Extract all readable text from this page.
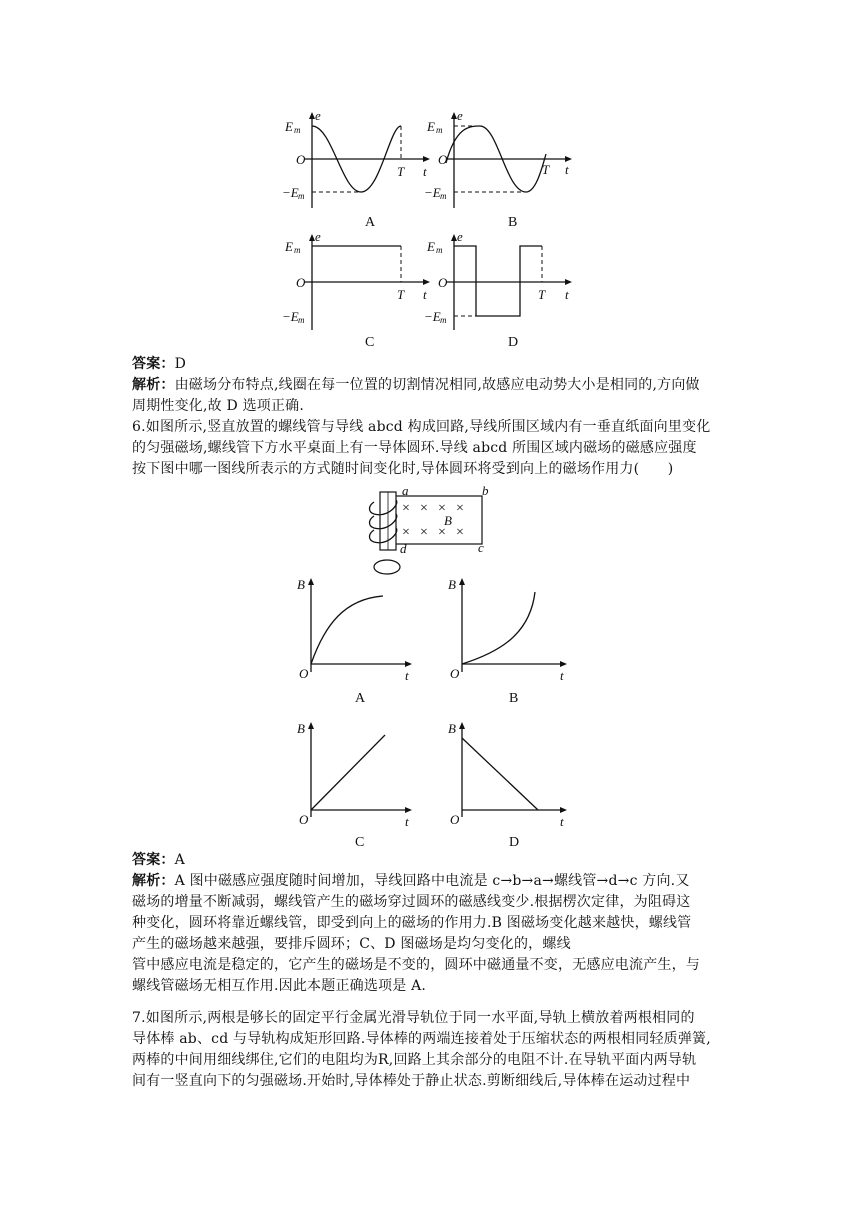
e
E m
O
−E m
T t
A
e
E m
O
−E m
T t
B
e
E m
O
−E m
T t
C
e
E m
O
−E m
T t
D
答案：D
解析：由磁场分布特点,线圈在每一位置的切割情况相同,故感应电动势大小是相同的,方向做
周期性变化,故 D 选项正确.
6.如图所示,竖直放置的螺线管与导线 abcd 构成回路,导线所围区域内有一垂直纸面向里变化
的匀强磁场,螺线管下方水平桌面上有一导体圆环.导线 abcd 所围区域内磁场的磁感应强度
按下图中哪一图线所表示的方式随时间变化时,导体圆环将受到向上的磁场作用力(　　)
× × × ×
× × × ×
B
a	b
c
d
B
O	t
A
B
O	t
B
B
O	t
C
B
O	t
D
答案：A
解析：A 图中磁感应强度随时间增加，导线回路中电流是 c→b→a→螺线管→d→c 方向.又
磁场的增量不断减弱，螺线管产生的磁场穿过圆环的磁感线变少.根据楞次定律，为阻碍这
种变化，圆环将靠近螺线管，即受到向上的磁场的作用力.B 图磁场变化越来越快，螺线管
产生的磁场越来越强，要排斥圆环；C、D 图磁场是均匀变化的，螺线
管中感应电流是稳定的，它产生的磁场是不变的，圆环中磁通量不变，无感应电流产生，与
螺线管磁场无相互作用.因此本题正确选项是 A.
7.如图所示,两根是够长的固定平行金属光滑导轨位于同一水平面,导轨上横放着两根相同的
导体棒 ab、cd 与导轨构成矩形回路.导体棒的两端连接着处于压缩状态的两根相同轻质弹簧,
两棒的中间用细线绑住,它们的电阻均为R,回路上其余部分的电阻不计.在导轨平面内两导轨
间有一竖直向下的匀强磁场.开始时,导体棒处于静止状态.剪断细线后,导体棒在运动过程中
